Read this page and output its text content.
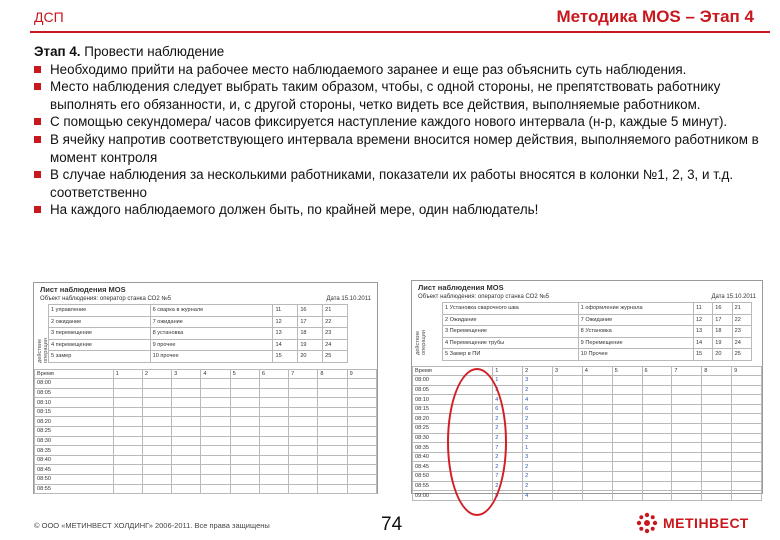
ДСП	Методика MOS – Этап 4
Этап 4. Провести наблюдение
Необходимо прийти на рабочее место наблюдаемого заранее и еще раз объяснить суть наблюдения.
Место наблюдения следует выбрать таким образом, чтобы, с одной стороны, не препятствовать работнику выполнять его обязанности, и, с другой стороны, четко видеть все действия, выполняемые работником.
С помощью секундомера/ часов фиксируется наступление каждого нового интервала (н-р, каждые 5 минут).
В ячейку напротив соответствующего интервала времени вносится номер действия, выполняемого работником в момент контроля
В случае наблюдения за несколькими работниками, показатели их работы вносятся в колонки №1, 2, 3, и т.д. соответственно
На каждого наблюдаемого должен быть, по крайней мере, один наблюдатель!
Лист наблюдения MOS
Объект наблюдения: оператор станка СО2 №5	Дата 15.10.2011
действие операции
1 управление	6 сварка в журнале	11	16	21
2 ожидание	7 ожидание	12	17	22
3 перемещение	8 установка	13	18	23
4 перемещение	9 прочее	14	19	24
5 замер	10 прочее	15	20	25
Время	1	2	3	4	5	6	7	8	9
08:00									
08:05									
08:10									
08:15									
08:20									
08:25									
08:30									
08:35									
08:40									
08:45									
08:50									
08:55									
Лист наблюдения MOS
Объект наблюдения: оператор станка СО2 №5	Дата 15.10.2011
действие операции
1 Установка сварочного шва	1 оформление журнала	11	16	21
2 Ожидание	7 Ожидание	12	17	22
3 Перемещение	8 Установка	13	18	23
4 Перемещение трубы	9 Перемещение	14	19	24
5 Замер в ПИ	10 Прочее	15	20	25
Время	1	2	3	4	5	6	7	8	9
08:00	1	3							
08:05	3	2							
08:10	4	4							
08:15	6	6							
08:20	2	2							
08:25	2	3							
08:30	2	2							
08:35	7	1							
08:40	2	3							
08:45	2	2							
08:50	7	2							
08:55	2	2							
09:00	9	4							
© ООО «МЕТИНВЕСТ ХОЛДИНГ» 2006-2011. Все права защищены	74	МЕТІНВЕСТ
